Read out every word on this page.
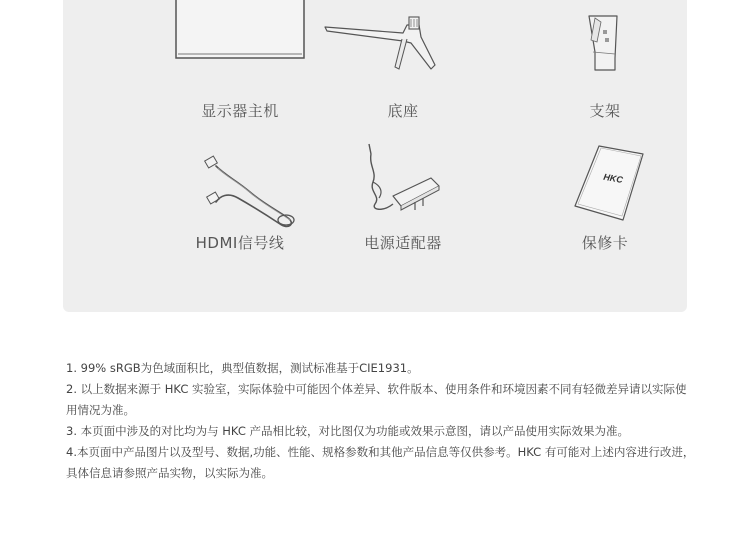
显示器主机	底座	支架
HDMI信号线	电源适配器
HKC
保修卡

1. 99% sRGB为色域面积比，典型值数据，测试标准基于CIE1931。

2. 以上数据来源于 HKC 实验室，实际体验中可能因个体差异、软件版本、使用条件和环境因素不同有轻微差异请以实际使用情况为准。

3. 本页面中涉及的对比均为与 HKC 产品相比较，对比图仅为功能或效果示意图，请以产品使用实际效果为准。

4.本页面中产品图片以及型号、数据,功能、性能、规格参数和其他产品信息等仅供参考。HKC 有可能对上述内容进行改进，具体信息请参照产品实物，以实际为准。
